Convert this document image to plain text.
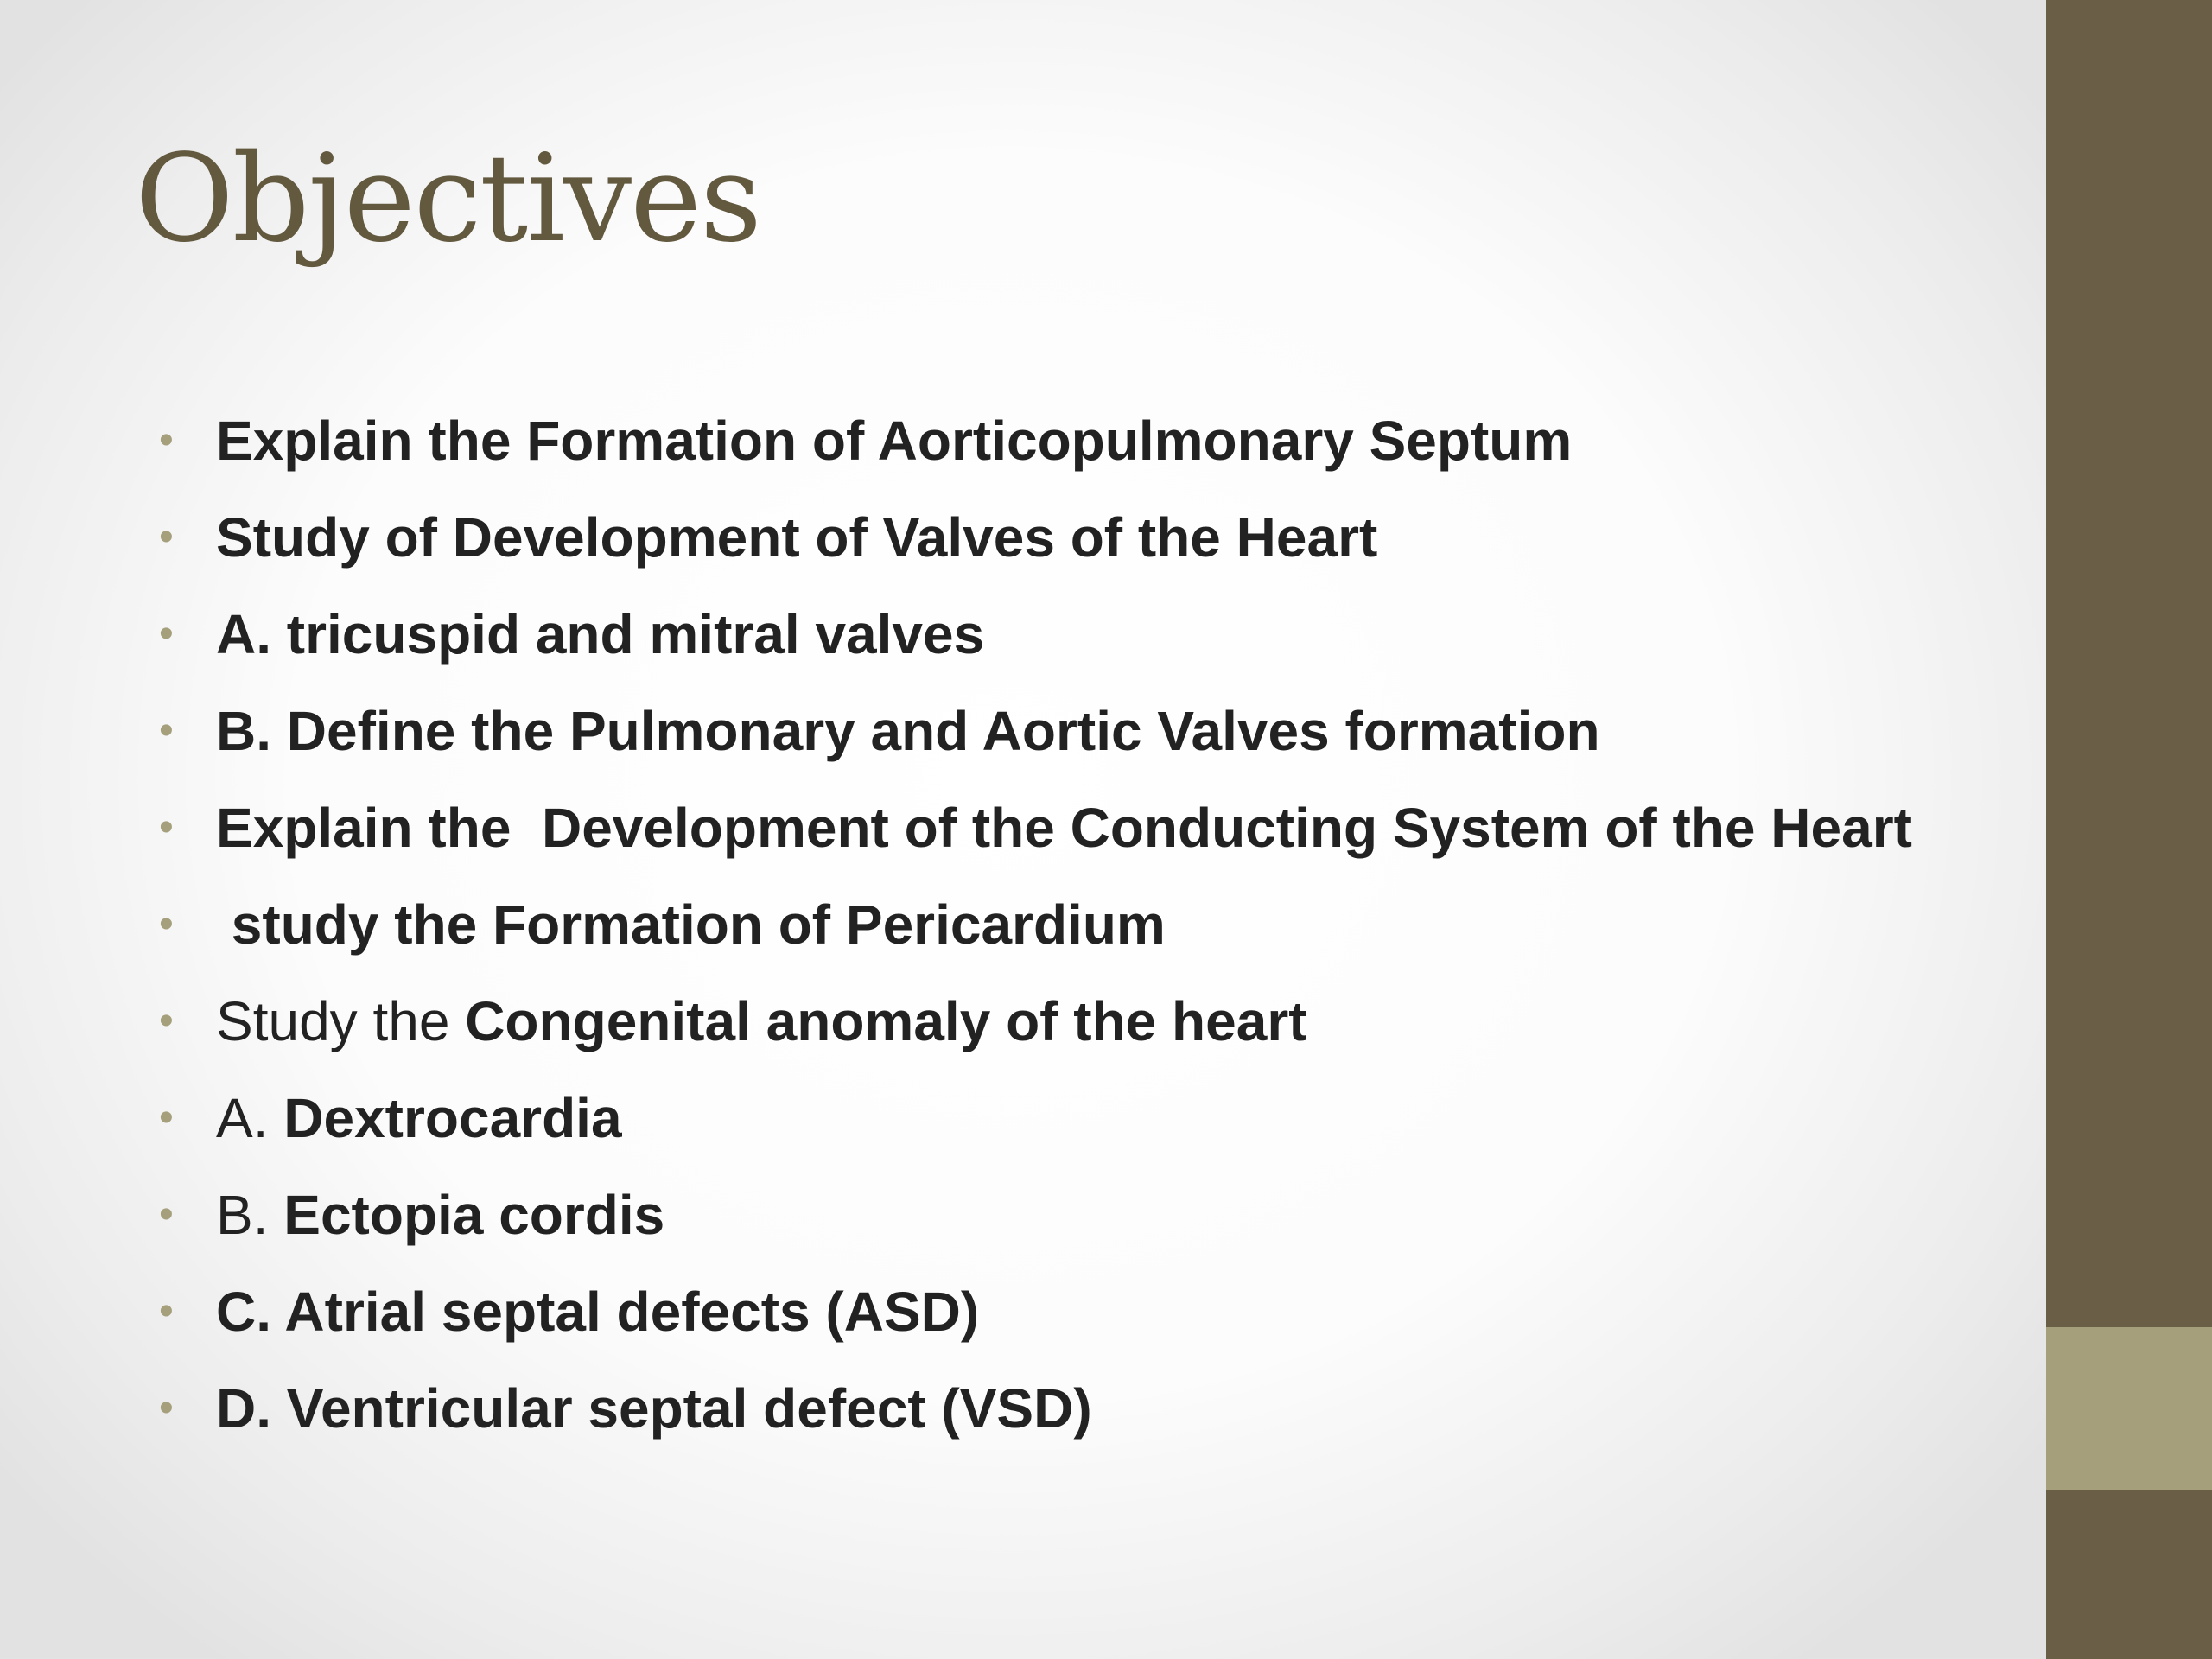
Objectives
• Explain the Formation of Aorticopulmonary Septum
• Study of Development of Valves of the Heart
• A. tricuspid and mitral valves
• B. Define the Pulmonary and Aortic Valves formation
• Explain the  Development of the Conducting System of the Heart
• study the Formation of Pericardium
• Study the Congenital anomaly of the heart
• A. Dextrocardia
• B. Ectopia cordis
• C. Atrial septal defects (ASD)
• D. Ventricular septal defect (VSD)
